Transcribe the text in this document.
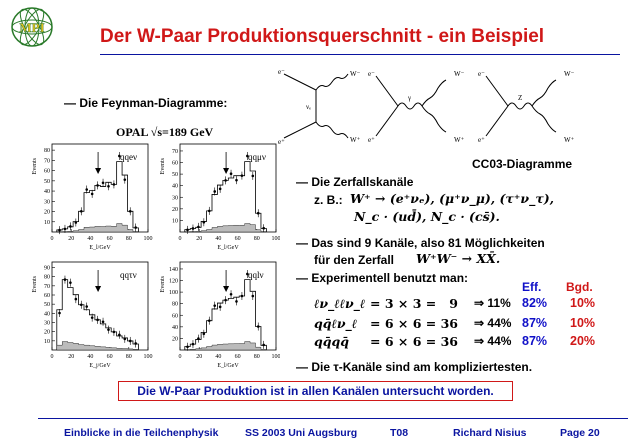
MPI	Der W-Paar Produktionsquerschnitt - ein Beispiel
— Die Feynman-Diagramme:
e⁻
e⁺
W⁻
W⁺
νₑ
e⁻
e⁺
W⁻
W⁺
γ
e⁻
e⁺
W⁻
W⁺
Z
CC03-Diagramme
OPAL √s=189 GeV
10
20
30
40
50
60
70
80
0 20 40 60 80 100
qqeν
Events
E_l/GeV
10
20
30
40
50
60
70
0 20 40 60 80 100
qqμν
Events
E_l/GeV
10
20
30
40
50
60
70
80
90
0 20 40 60 80 100
qqτν
Events
E_j/GeV
20
40
60
80
100
120
140
0 20 40 60 80 100
qqlν
Events
E_l/GeV
— Die Zerfallskanäle
z. B.: W⁺ → (e⁺νₑ), (μ⁺ν_μ), (τ⁺ν_τ),
N_c · (ud̄), N_c · (cs̄).
— Das sind 9 Kanäle, also 81 Möglichkeiten
für den Zerfall W⁺W⁻ → XX̄.
— Experimentell benutzt man:
Eff. Bgd.
ℓν_ℓℓν_ℓ = 3 × 3 =	9 ⇒ 11% 82% 10%
qq̄ℓν_ℓ = 6 × 6 = 36 ⇒ 44% 87% 10%
qq̄qq̄ = 6 × 6 = 36 ⇒ 44% 87% 20%
— Die τ-Kanäle sind am kompliziertesten.
Die W-Paar Produktion ist in allen Kanälen untersucht worden.
Einblicke in die Teilchenphysik	SS 2003 Uni Augsburg	T08	Richard Nisius	Page 20
